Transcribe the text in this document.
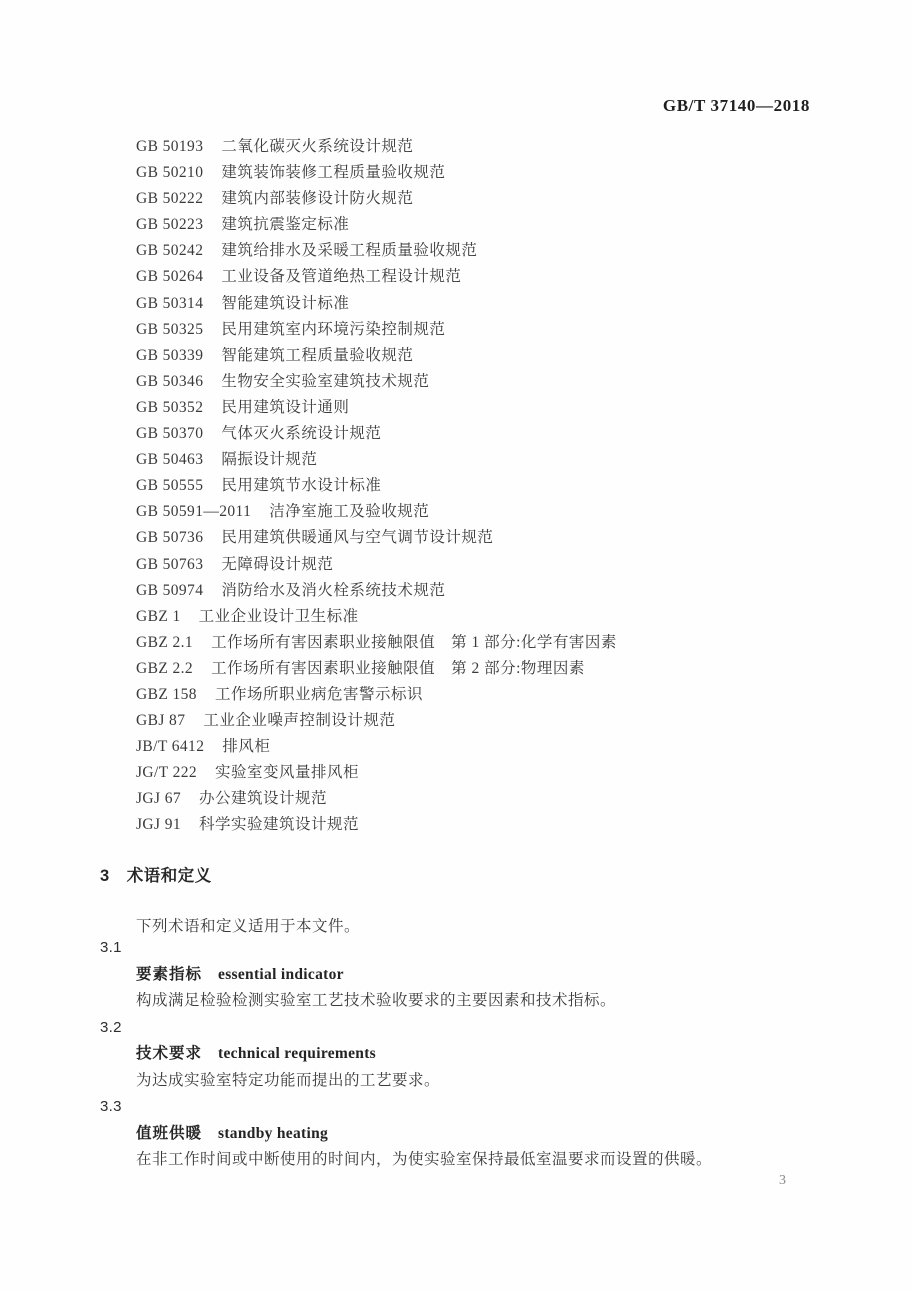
GB/T 37140—2018
GB 50193 二氧化碳灭火系统设计规范
GB 50210 建筑装饰装修工程质量验收规范
GB 50222 建筑内部装修设计防火规范
GB 50223 建筑抗震鉴定标准
GB 50242 建筑给排水及采暖工程质量验收规范
GB 50264 工业设备及管道绝热工程设计规范
GB 50314 智能建筑设计标准
GB 50325 民用建筑室内环境污染控制规范
GB 50339 智能建筑工程质量验收规范
GB 50346 生物安全实验室建筑技术规范
GB 50352 民用建筑设计通则
GB 50370 气体灭火系统设计规范
GB 50463 隔振设计规范
GB 50555 民用建筑节水设计标准
GB 50591—2011 洁净室施工及验收规范
GB 50736 民用建筑供暖通风与空气调节设计规范
GB 50763 无障碍设计规范
GB 50974 消防给水及消火栓系统技术规范
GBZ 1 工业企业设计卫生标准
GBZ 2.1 工作场所有害因素职业接触限值　第 1 部分:化学有害因素
GBZ 2.2 工作场所有害因素职业接触限值　第 2 部分:物理因素
GBZ 158 工作场所职业病危害警示标识
GBJ 87 工业企业噪声控制设计规范
JB/T 6412 排风柜
JG/T 222 实验室变风量排风柜
JGJ 67 办公建筑设计规范
JGJ 91 科学实验建筑设计规范
3 术语和定义
下列术语和定义适用于本文件。
3.1
要素指标 essential indicator
构成满足检验检测实验室工艺技术验收要求的主要因素和技术指标。
3.2
技术要求 technical requirements
为达成实验室特定功能而提出的工艺要求。
3.3
值班供暖 standby heating
在非工作时间或中断使用的时间内，为使实验室保持最低室温要求而设置的供暖。
3
